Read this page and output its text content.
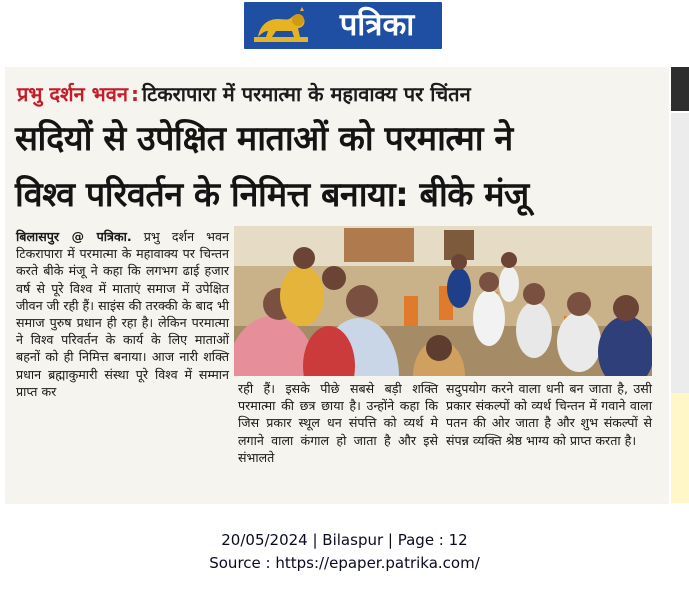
पत्रिका
प्रभु दर्शन भवन : टिकरापारा में परमात्मा के महावाक्य पर चिंतन
सदियों से उपेक्षित माताओं को परमात्मा ने
विश्व परिवर्तन के निमित्त बनाया: बीके मंजू
बिलासपुर @ पत्रिका. प्रभु दर्शन भवन टिकरापारा में परमात्मा के महावाक्य पर चिन्तन करते बीके मंजू ने कहा कि लगभग ढाई हजार वर्ष से पूरे विश्व में माताएं समाज में उपेक्षित जीवन जी रही हैं। साइंस की तरक्की के बाद भी समाज पुरुष प्रधान ही रहा है। लेकिन परमात्मा ने विश्व परिवर्तन के कार्य के लिए माताओं बहनों को ही निमित्त बनाया। आज नारी शक्ति प्रधान ब्रह्माकुमारी संस्था पूरे विश्व में सम्मान प्राप्त कर	रही हैं। इसके पीछे सबसे बड़ी शक्ति परमात्मा की छत्र छाया है। उन्होंने कहा कि जिस प्रकार स्थूल धन संपत्ति को व्यर्थ मे लगाने वाला कंगाल हो जाता है और इसे संभालते
सदुपयोग करने वाला धनी बन जाता है, उसी प्रकार संकल्पों को व्यर्थ चिन्तन में गवाने वाला पतन की ओर जाता है और शुभ संकल्पों से संपन्न व्यक्ति श्रेष्ठ भाग्य को प्राप्त करता है।
20/05/2024 | Bilaspur | Page : 12
Source : https://epaper.patrika.com/
